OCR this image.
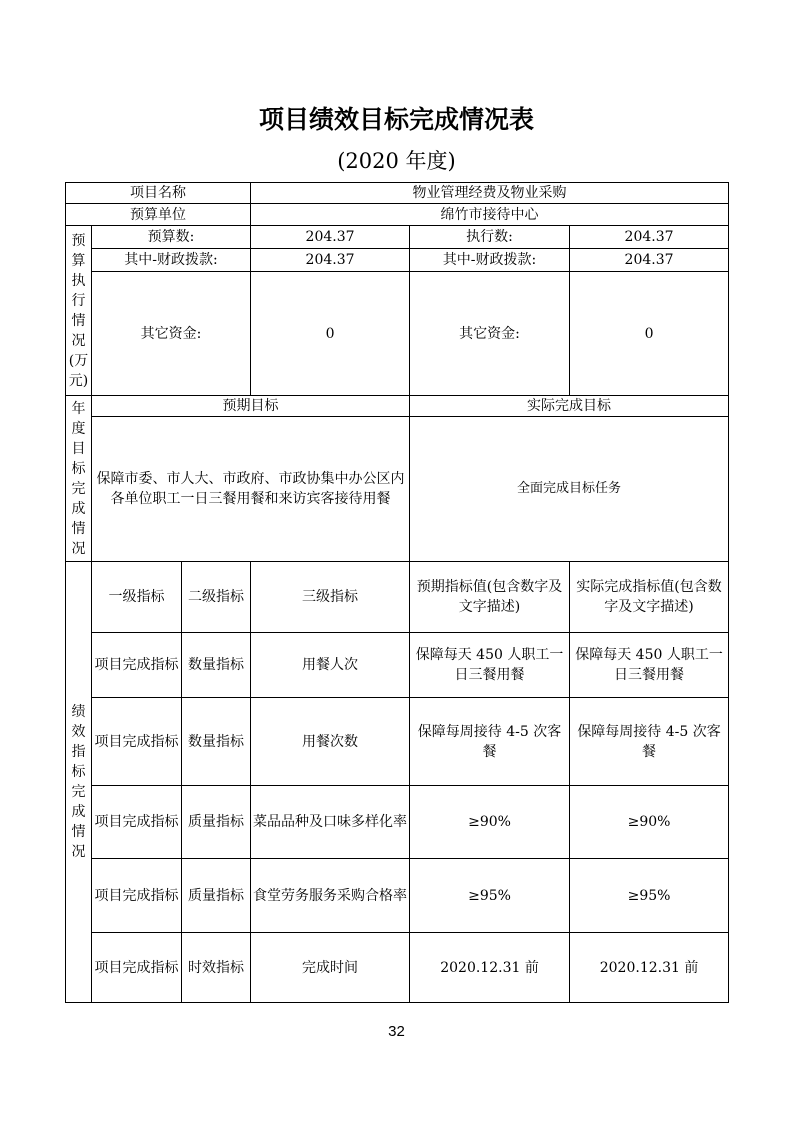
项目绩效目标完成情况表
(2020 年度)
项目名称			物业管理经费及物业采购		
预算单位			绵竹市接待中心		
预算执行情况(万元)	预算数:		204.37	执行数:	204.37
	其中-财政拨款:		204.37	其中-财政拨款:	204.37
	其它资金:		0	其它资金:	0
年度目标完成情况	预期目标			实际完成目标	
	保障市委、市人大、市政府、市政协集中办公区内各单位职工一日三餐用餐和来访宾客接待用餐			全面完成目标任务	
绩效指标完成情况	一级指标	二级指标	三级指标	预期指标值(包含数字及文字描述)	实际完成指标值(包含数字及文字描述)
	项目完成指标	数量指标	用餐人次	保障每天 450 人职工一日三餐用餐	保障每天 450 人职工一日三餐用餐
	项目完成指标	数量指标	用餐次数	保障每周接待 4-5 次客餐	保障每周接待 4-5 次客餐
	项目完成指标	质量指标	菜品品种及口味多样化率	≥90%	≥90%
	项目完成指标	质量指标	食堂劳务服务采购合格率	≥95%	≥95%
	项目完成指标	时效指标	完成时间	2020.12.31 前	2020.12.31 前
32
